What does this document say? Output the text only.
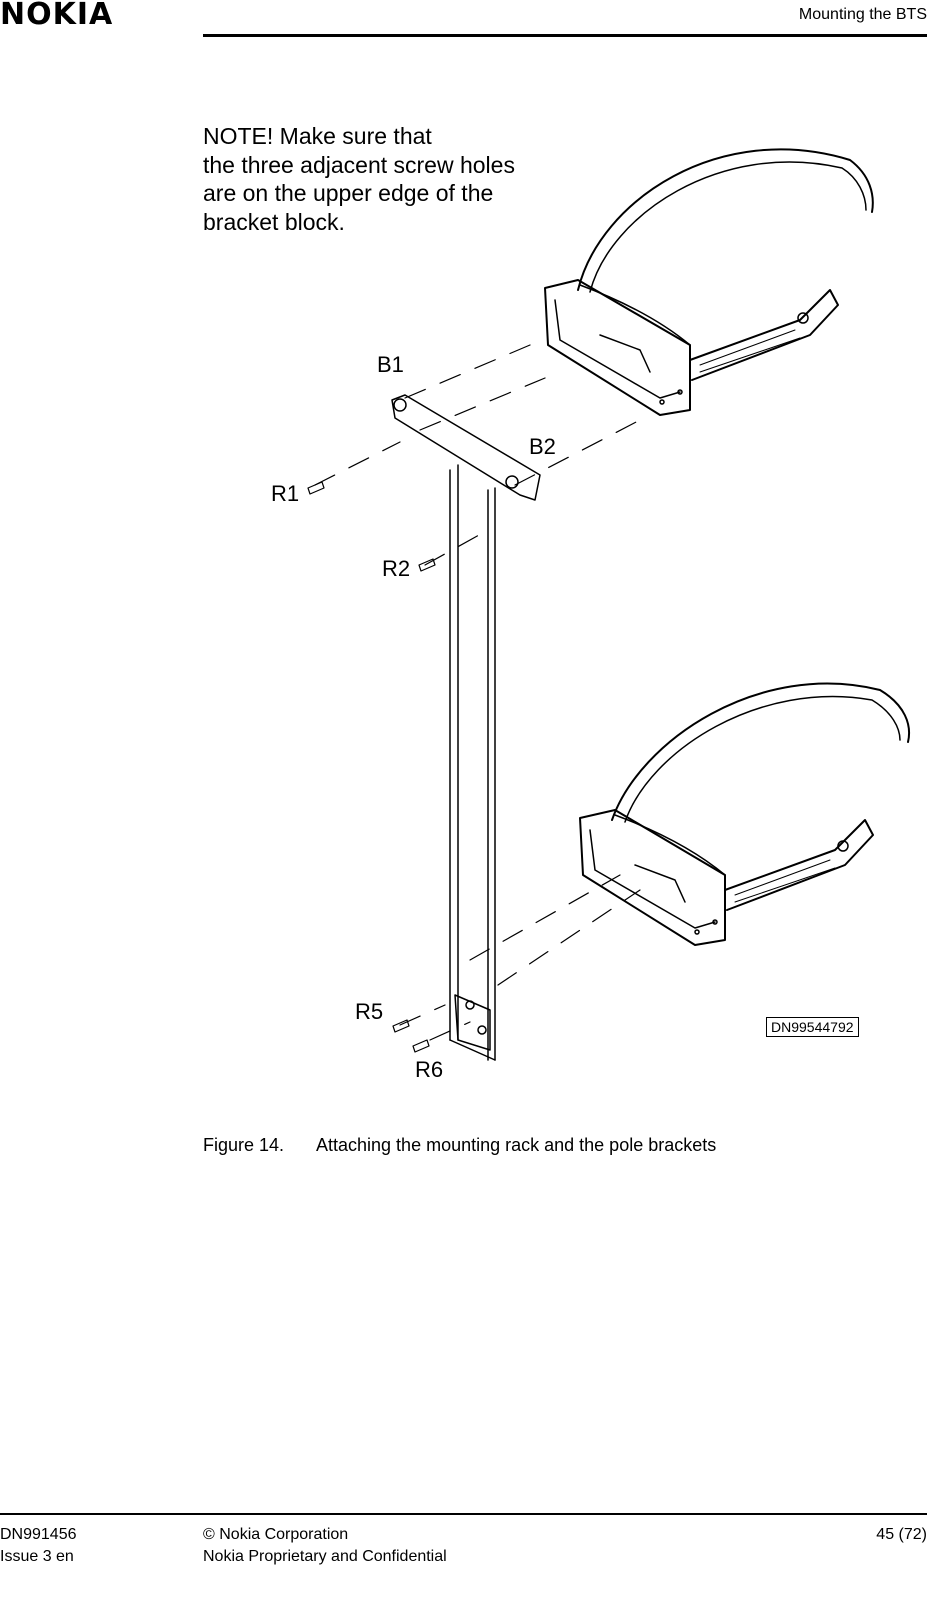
NOKIA	Mounting the BTS
NOTE! Make sure that
the three adjacent screw holes
are on the upper edge of the
bracket block.
B1
B2
R1
R2
R5
R6
DN99544792
Figure 14. Attaching the mounting rack and the pole brackets
DN991456
Issue 3 en
© Nokia Corporation
Nokia Proprietary and Confidential
45 (72)
